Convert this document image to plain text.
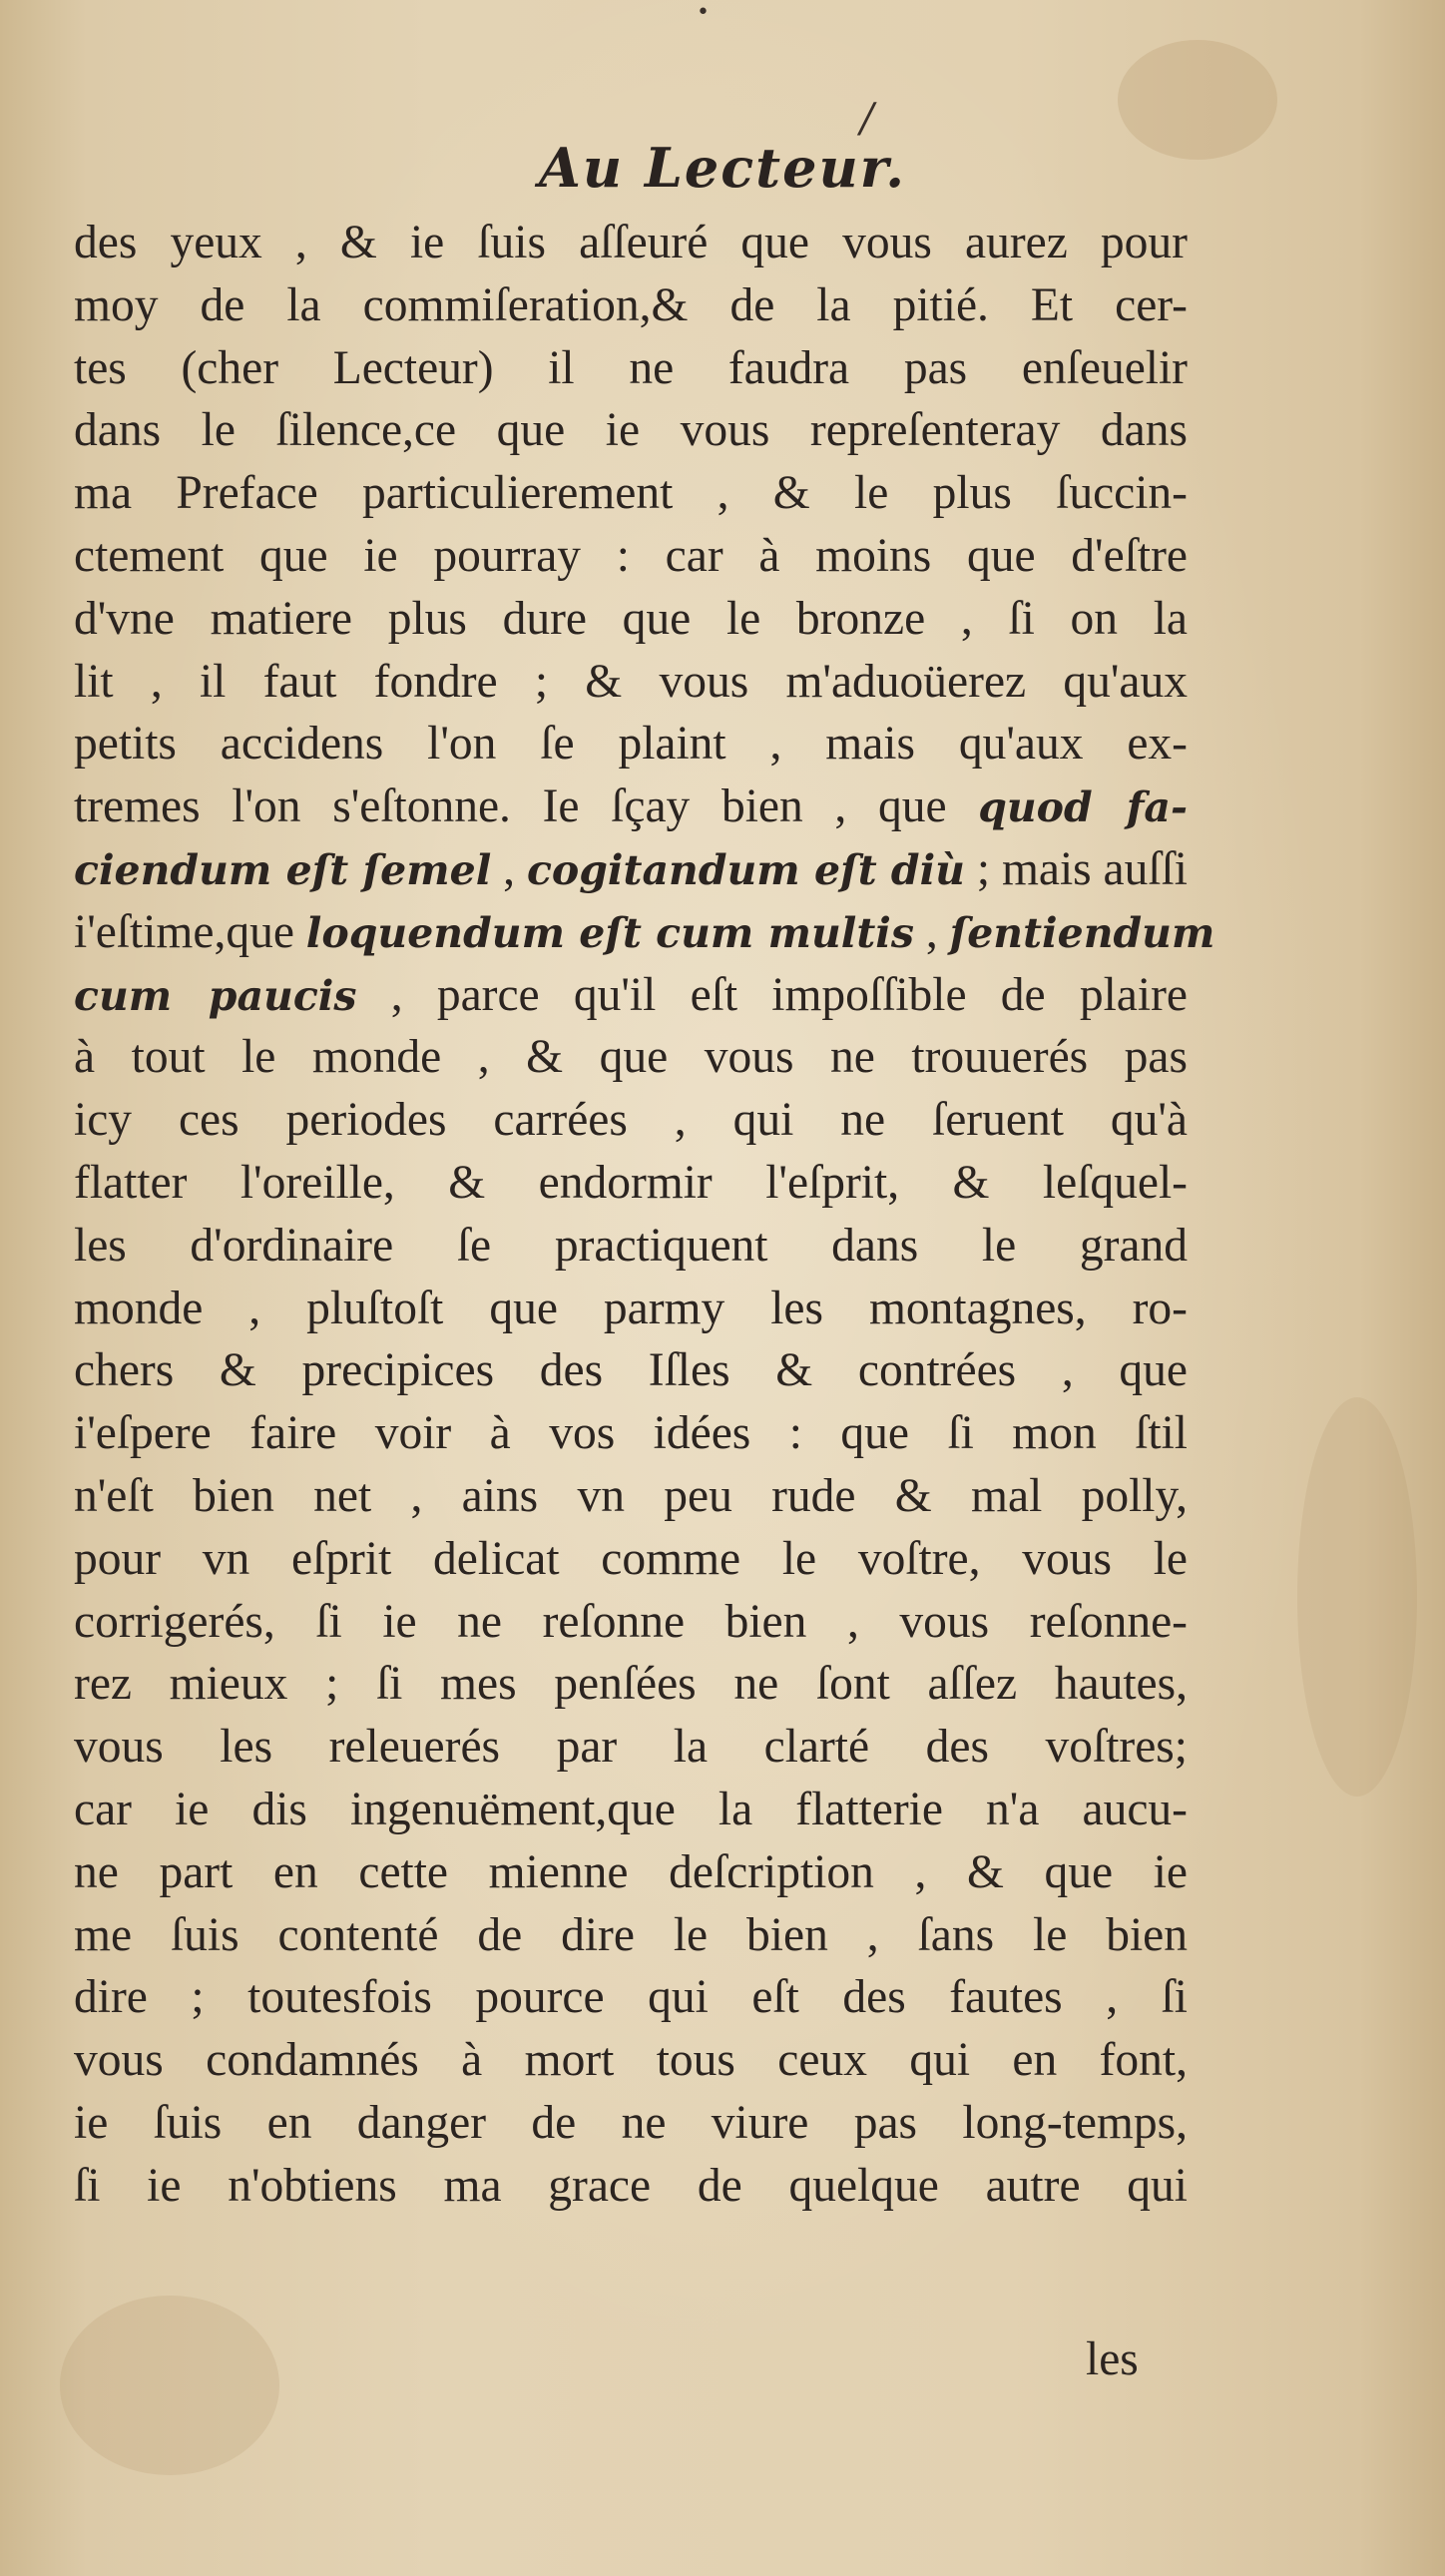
•
/
Au Lecteur.
des yeux , & ie ſuis aſſeuré que vous aurez pour
moy de la commiſeration,& de la pitié. Et cer-
tes (cher Lecteur) il ne faudra pas enſeuelir
dans le ſilence,ce que ie vous repreſenteray dans
ma Preface particulierement , & le plus ſuccin-
ctement que ie pourray : car à moins que d'eſtre
d'vne matiere plus dure que le bronze , ſi on la
lit , il faut fondre ; & vous m'aduoüerez qu'aux
petits accidens l'on ſe plaint , mais qu'aux ex-
tremes l'on s'eſtonne. Ie ſçay bien , que quod fa-
ciendum eſt ſemel , cogitandum eſt diù ; mais auſſi
i'eſtime,que loquendum eſt cum multis , ſentiendum
cum paucis , parce qu'il eſt impoſſible de plaire
à tout le monde , & que vous ne trouuerés pas
icy ces periodes carrées , qui ne ſeruent qu'à
flatter l'oreille, & endormir l'eſprit, & leſquel-
les d'ordinaire ſe practiquent dans le grand
monde , pluſtoſt que parmy les montagnes, ro-
chers & precipices des Iſles & contrées , que
i'eſpere faire voir à vos idées : que ſi mon ſtil
n'eſt bien net , ains vn peu rude & mal polly,
pour vn eſprit delicat comme le voſtre, vous le
corrigerés, ſi ie ne reſonne bien , vous reſonne-
rez mieux ; ſi mes penſées ne ſont aſſez hautes,
vous les releuerés par la clarté des voſtres;
car ie dis ingenuëment,que la flatterie n'a aucu-
ne part en cette mienne deſcription , & que ie
me ſuis contenté de dire le bien , ſans le bien
dire ; toutesfois pource qui eſt des fautes , ſi
vous condamnés à mort tous ceux qui en font,
ie ſuis en danger de ne viure pas long-temps,
ſi ie n'obtiens ma grace de quelque autre qui
les
